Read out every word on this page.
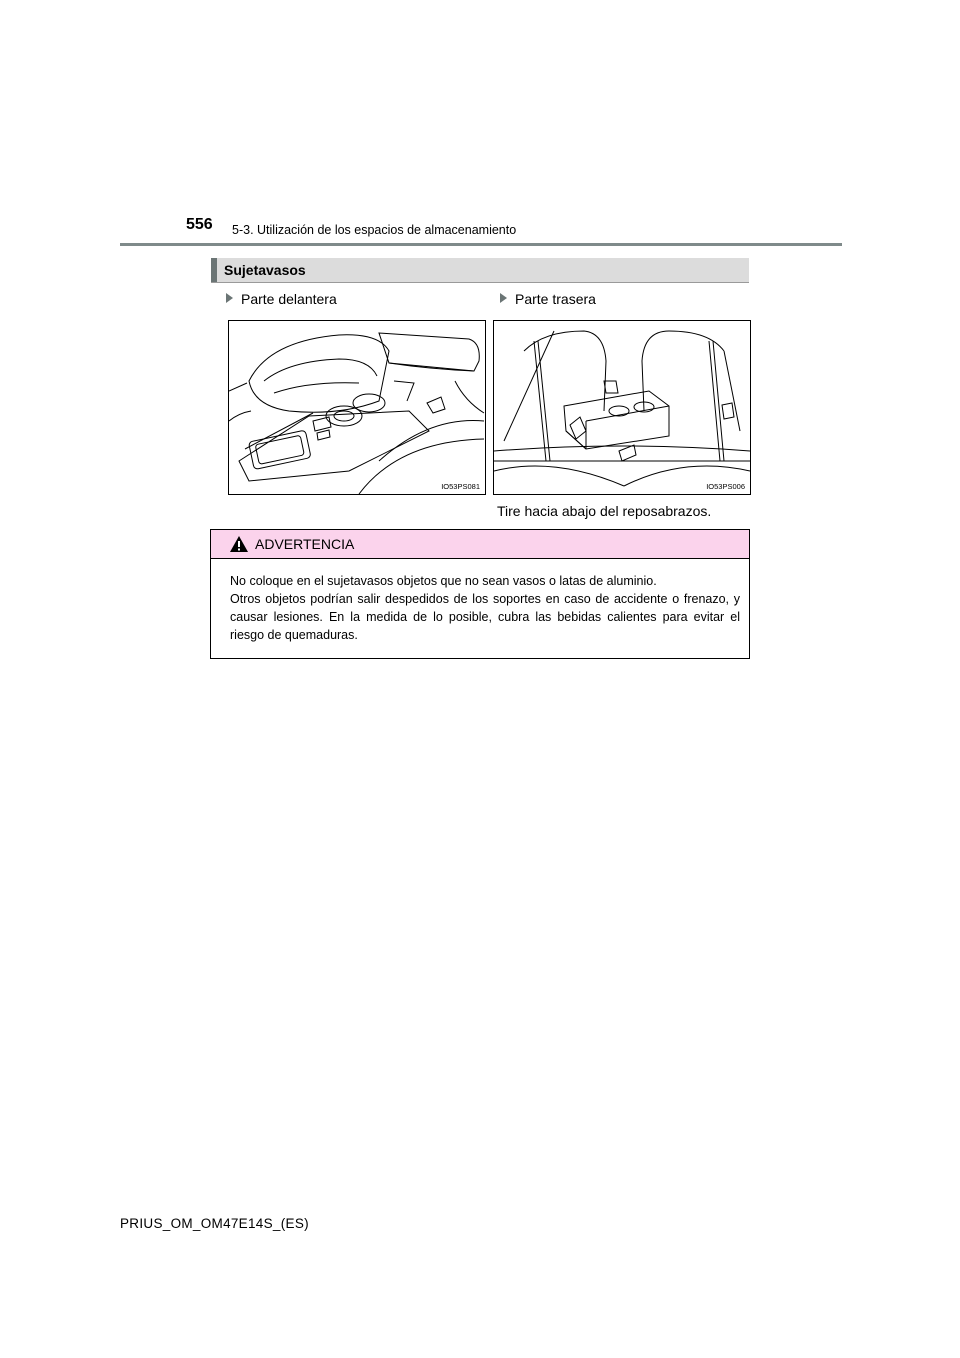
556 5-3. Utilización de los espacios de almacenamiento
Sujetavasos
Parte delantera	Parte trasera
IO53PS081	IO53PS006
Tire hacia abajo del reposabrazos.
ADVERTENCIA
No coloque en el sujetavasos objetos que no sean vasos o latas de aluminio.
Otros objetos podrían salir despedidos de los soportes en caso de accidente o frenazo, y causar lesiones. En la medida de lo posible, cubra las bebidas calientes para evitar el riesgo de quemaduras.
PRIUS_OM_OM47E14S_(ES)
